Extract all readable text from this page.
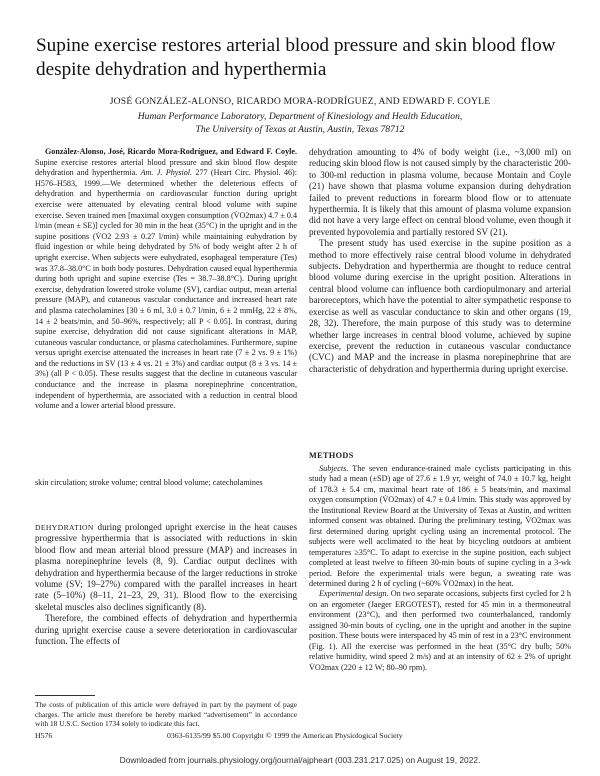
Supine exercise restores arterial blood pressure and skin blood flow despite dehydration and hyperthermia
JOSÉ GONZÁLEZ-ALONSO, RICARDO MORA-RODRÍGUEZ, AND EDWARD F. COYLE
Human Performance Laboratory, Department of Kinesiology and Health Education,
The University of Texas at Austin, Austin, Texas 78712

González-Alonso, José, Ricardo Mora-Rodríguez, and Edward F. Coyle. Supine exercise restores arterial blood pressure and skin blood flow despite dehydration and hyperthermia. Am. J. Physiol. 277 (Heart Circ. Physiol. 46): H576–H583, 1999.—We determined whether the deleterious effects of dehydration and hyperthermia on cardiovascular function during upright exercise were attenuated by elevating central blood volume with supine exercise. Seven trained men [maximal oxygen consumption (V̇O2max) 4.7 ± 0.4 l/min (mean ± SE)] cycled for 30 min in the heat (35°C) in the upright and in the supine positions (V̇O2 2.93 ± 0.27 l/min) while maintaining euhydration by fluid ingestion or while being dehydrated by 5% of body weight after 2 h of upright exercise. When subjects were euhydrated, esophageal temperature (Tes) was 37.8–38.0°C in both body postures. Dehydration caused equal hyperthermia during both upright and supine exercise (Tes = 38.7–38.8°C). During upright exercise, dehydration lowered stroke volume (SV), cardiac output, mean arterial pressure (MAP), and cutaneous vascular conductance and increased heart rate and plasma catecholamines [30 ± 6 ml, 3.0 ± 0.7 l/min, 6 ± 2 mmHg, 22 ± 8%, 14 ± 2 beats/min, and 50–96%, respectively; all P < 0.05]. In contrast, during supine exercise, dehydration did not cause significant alterations in MAP, cutaneous vascular conductance, or plasma catecholamines. Furthermore, supine versus upright exercise attenuated the increases in heart rate (7 ± 2 vs. 9 ± 1%) and the reductions in SV (13 ± 4 vs. 21 ± 3%) and cardiac output (8 ± 3 vs. 14 ± 3%) (all P < 0.05). These results suggest that the decline in cutaneous vascular conductance and the increase in plasma norepinephrine concentration, independent of hyperthermia, are associated with a reduction in central blood volume and a lower arterial blood pressure.

skin circulation; stroke volume; central blood volume; catecholamines

DEHYDRATION during prolonged upright exercise in the heat causes progressive hyperthermia that is associated with reductions in skin blood flow and mean arterial blood pressure (MAP) and increases in plasma norepinephrine levels (8, 9). Cardiac output declines with dehydration and hyperthermia because of the larger reductions in stroke volume (SV; 19–27%) compared with the parallel increases in heart rate (5–10%) (8–11, 21–23, 29, 31). Blood flow to the exercising skeletal muscles also declines significantly (8).

Therefore, the combined effects of dehydration and hyperthermia during upright exercise cause a severe deterioration in cardiovascular function. The effects of

The costs of publication of this article were defrayed in part by the payment of page charges. The article must therefore be hereby marked “advertisement” in accordance with 18 U.S.C. Section 1734 solely to indicate this fact.

dehydration amounting to 4% of body weight (i.e., ~3,000 ml) on reducing skin blood flow is not caused simply by the characteristic 200- to 300-ml reduction in plasma volume, because Montain and Coyle (21) have shown that plasma volume expansion during dehydration failed to prevent reductions in forearm blood flow or to attenuate hyperthermia. It is likely that this amount of plasma volume expansion did not have a very large effect on central blood volume, even though it prevented hypovolemia and partially restored SV (21).

The present study has used exercise in the supine position as a method to more effectively raise central blood volume in dehydrated subjects. Dehydration and hyperthermia are thought to reduce central blood volume during exercise in the upright position. Alterations in central blood volume can influence both cardiopulmonary and arterial baroreceptors, which have the potential to alter sympathetic response to exercise as well as vascular conductance to skin and other organs (19, 28, 32). Therefore, the main purpose of this study was to determine whether large increases in central blood volume, achieved by supine exercise, prevent the reduction in cutaneous vascular conductance (CVC) and MAP and the increase in plasma norepinephrine that are characteristic of dehydration and hyperthermia during upright exercise.

METHODS

Subjects. The seven endurance-trained male cyclists participating in this study had a mean (±SD) age of 27.6 ± 1.9 yr, weight of 74.0 ± 10.7 kg, height of 178.3 ± 5.4 cm, maximal heart rate of 186 ± 5 beats/min, and maximal oxygen consumption (V̇O2max) of 4.7 ± 0.4 l/min. This study was approved by the Institutional Review Board at the University of Texas at Austin, and written informed consent was obtained. During the preliminary testing, V̇O2max was first determined during upright cycling using an incremental protocol. The subjects were well acclimated to the heat by bicycling outdoors at ambient temperatures ≥35°C. To adapt to exercise in the supine position, each subject completed at least twelve to fifteen 30-min bouts of supine cycling in a 3-wk period. Before the experimental trials were begun, a sweating rate was determined during 2 h of cycling (~60% V̇O2max) in the heat.

Experimental design. On two separate occasions, subjects first cycled for 2 h on an ergometer (Jaeger ERGOTEST), rested for 45 min in a thermoneutral environment (23°C), and then performed two counterbalanced, randomly assigned 30-min bouts of cycling, one in the upright and another in the supine position. These bouts were interspaced by 45 min of rest in a 23°C environment (Fig. 1). All the exercise was performed in the heat (35°C dry bulb; 50% relative humidity, wind speed 2 m/s) and at an intensity of 62 ± 2% of upright V̇O2max (220 ± 12 W; 80–90 rpm).

H576	0363-6135/99 $5.00 Copyright © 1999 the American Physiological Society
Downloaded from journals.physiology.org/journal/ajpheart (003.231.217.025) on August 19, 2022.
